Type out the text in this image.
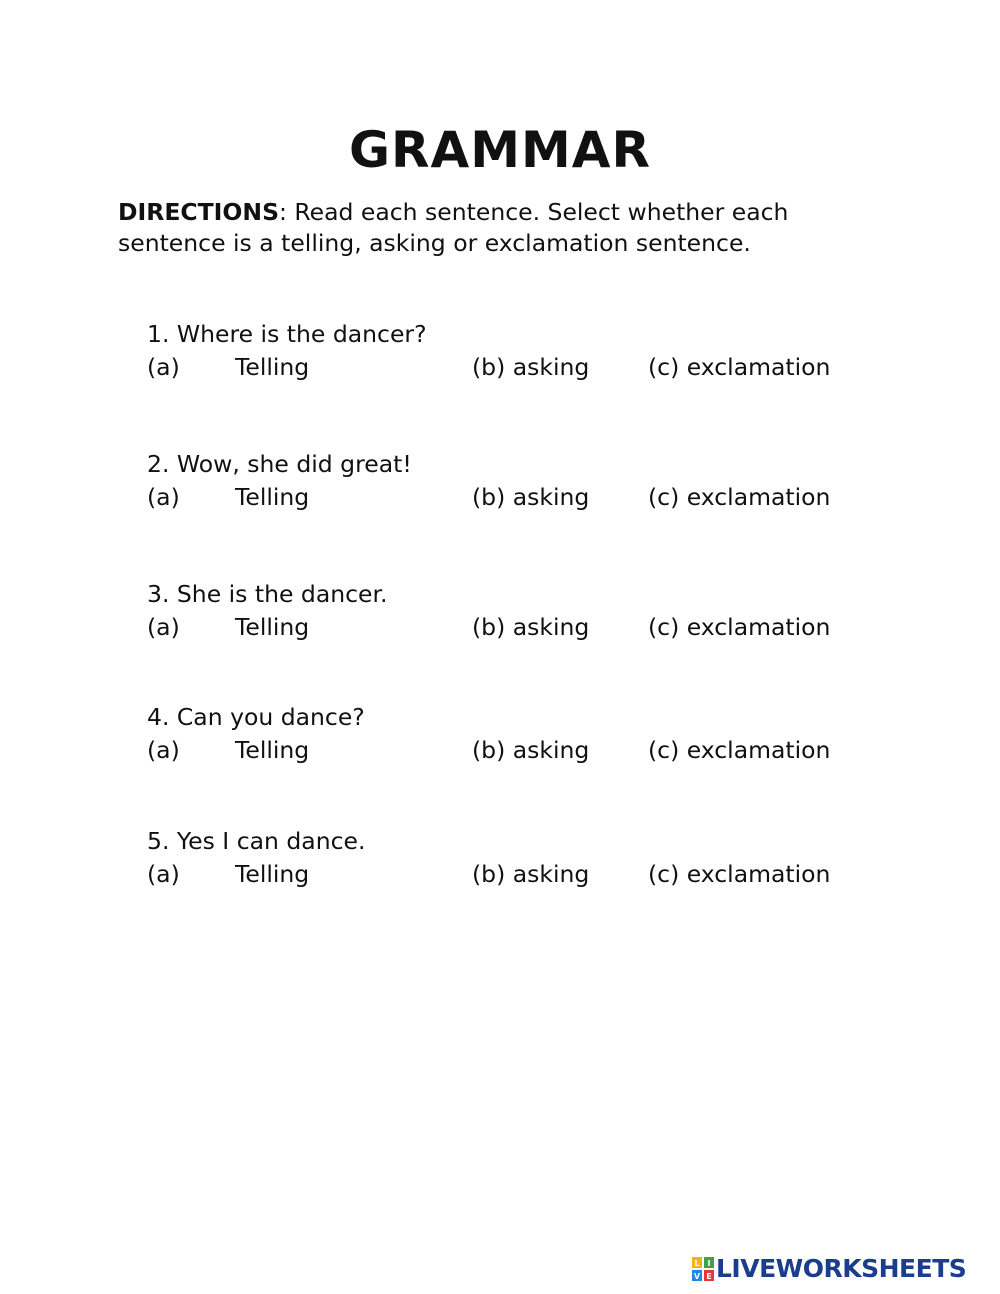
GRAMMAR
DIRECTIONS: Read each sentence. Select whether each sentence is a telling, asking or exclamation sentence.
1. Where is the dancer?
(a) Telling	(b) asking (c) exclamation
2. Wow, she did great!
(a) Telling	(b) asking (c) exclamation
3. She is the dancer.
(a) Telling	(b) asking (c) exclamation
4. Can you dance?
(a) Telling	(b) asking (c) exclamation
5. Yes I can dance.
(a) Telling	(b) asking (c) exclamation
L I
V E LIVEWORKSHEETS
